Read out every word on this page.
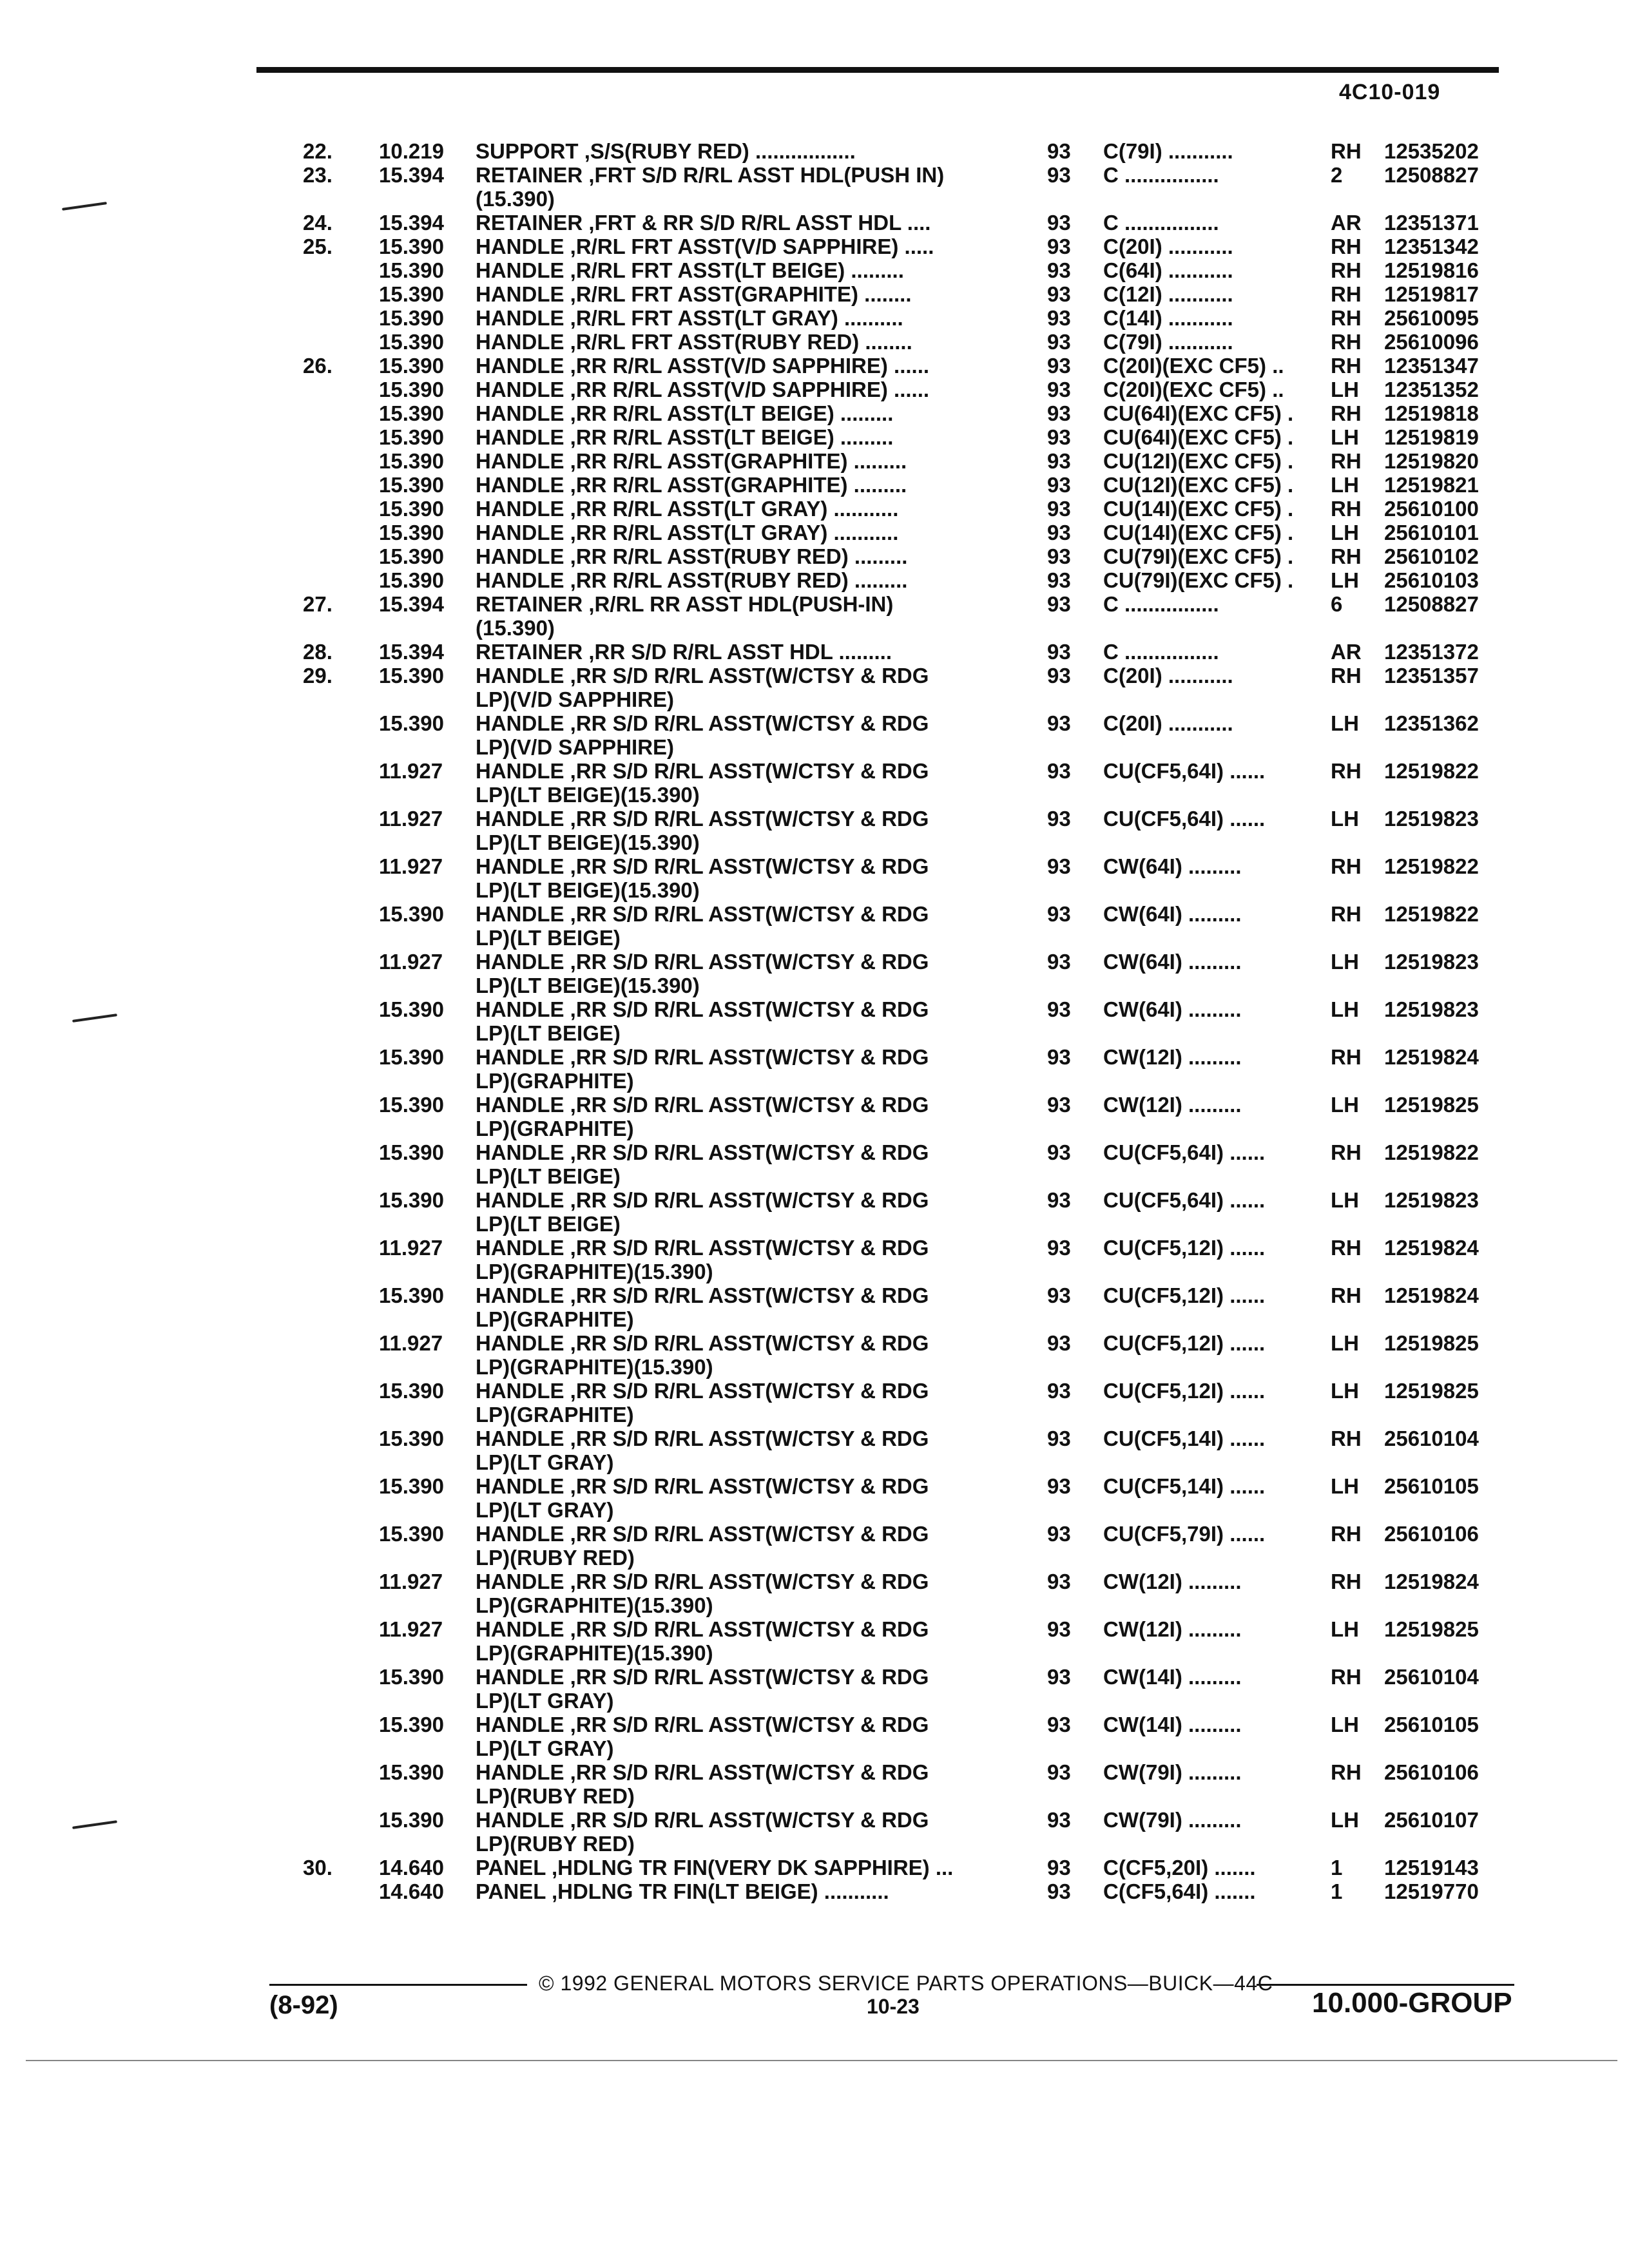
4C10-019
22.	10.219	SUPPORT ,S/S(RUBY RED) .................	93	C(79I) ...........	RH	12535202
23.	15.394	RETAINER ,FRT S/D R/RL ASST HDL(PUSH IN)
(15.390)
93	C ................	2	12508827
24.	15.394	RETAINER ,FRT & RR S/D R/RL ASST HDL ....	93	C ................	AR	12351371
25.	15.390	HANDLE ,R/RL FRT ASST(V/D SAPPHIRE) .....	93	C(20I) ...........	RH	12351342
15.390	HANDLE ,R/RL FRT ASST(LT BEIGE) .........	93	C(64I) ...........	RH	12519816
15.390	HANDLE ,R/RL FRT ASST(GRAPHITE) ........	93	C(12I) ...........	RH	12519817
15.390	HANDLE ,R/RL FRT ASST(LT GRAY) ..........	93	C(14I) ...........	RH	25610095
15.390	HANDLE ,R/RL FRT ASST(RUBY RED) ........	93	C(79I) ...........	RH	25610096
26.	15.390	HANDLE ,RR R/RL ASST(V/D SAPPHIRE) ......	93	C(20I)(EXC CF5) ..	RH	12351347
15.390	HANDLE ,RR R/RL ASST(V/D SAPPHIRE) ......	93	C(20I)(EXC CF5) ..	LH	12351352
15.390	HANDLE ,RR R/RL ASST(LT BEIGE) .........	93	CU(64I)(EXC CF5) .	RH	12519818
15.390	HANDLE ,RR R/RL ASST(LT BEIGE) .........	93	CU(64I)(EXC CF5) .	LH	12519819
15.390	HANDLE ,RR R/RL ASST(GRAPHITE) .........	93	CU(12I)(EXC CF5) .	RH	12519820
15.390	HANDLE ,RR R/RL ASST(GRAPHITE) .........	93	CU(12I)(EXC CF5) .	LH	12519821
15.390	HANDLE ,RR R/RL ASST(LT GRAY) ...........	93	CU(14I)(EXC CF5) .	RH	25610100
15.390	HANDLE ,RR R/RL ASST(LT GRAY) ...........	93	CU(14I)(EXC CF5) .	LH	25610101
15.390	HANDLE ,RR R/RL ASST(RUBY RED) .........	93	CU(79I)(EXC CF5) .	RH	25610102
15.390	HANDLE ,RR R/RL ASST(RUBY RED) .........	93	CU(79I)(EXC CF5) .	LH	25610103
27.	15.394	RETAINER ,R/RL RR ASST HDL(PUSH-IN)
(15.390)
93	C ................	6	12508827
28.	15.394	RETAINER ,RR S/D R/RL ASST HDL .........	93	C ................	AR	12351372
29.	15.390	HANDLE ,RR S/D R/RL ASST(W/CTSY & RDG
LP)(V/D SAPPHIRE)
93	C(20I) ...........	RH	12351357
15.390	HANDLE ,RR S/D R/RL ASST(W/CTSY & RDG
LP)(V/D SAPPHIRE)
93	C(20I) ...........	LH	12351362
11.927	HANDLE ,RR S/D R/RL ASST(W/CTSY & RDG
LP)(LT BEIGE)(15.390)
93	CU(CF5,64I) ......	RH	12519822
11.927	HANDLE ,RR S/D R/RL ASST(W/CTSY & RDG
LP)(LT BEIGE)(15.390)
93	CU(CF5,64I) ......	LH	12519823
11.927	HANDLE ,RR S/D R/RL ASST(W/CTSY & RDG
LP)(LT BEIGE)(15.390)
93	CW(64I) .........	RH	12519822
15.390	HANDLE ,RR S/D R/RL ASST(W/CTSY & RDG
LP)(LT BEIGE)
93	CW(64I) .........	RH	12519822
11.927	HANDLE ,RR S/D R/RL ASST(W/CTSY & RDG
LP)(LT BEIGE)(15.390)
93	CW(64I) .........	LH	12519823
15.390	HANDLE ,RR S/D R/RL ASST(W/CTSY & RDG
LP)(LT BEIGE)
93	CW(64I) .........	LH	12519823
15.390	HANDLE ,RR S/D R/RL ASST(W/CTSY & RDG
LP)(GRAPHITE)
93	CW(12I) .........	RH	12519824
15.390	HANDLE ,RR S/D R/RL ASST(W/CTSY & RDG
LP)(GRAPHITE)
93	CW(12I) .........	LH	12519825
15.390	HANDLE ,RR S/D R/RL ASST(W/CTSY & RDG
LP)(LT BEIGE)
93	CU(CF5,64I) ......	RH	12519822
15.390	HANDLE ,RR S/D R/RL ASST(W/CTSY & RDG
LP)(LT BEIGE)
93	CU(CF5,64I) ......	LH	12519823
11.927	HANDLE ,RR S/D R/RL ASST(W/CTSY & RDG
LP)(GRAPHITE)(15.390)
93	CU(CF5,12I) ......	RH	12519824
15.390	HANDLE ,RR S/D R/RL ASST(W/CTSY & RDG
LP)(GRAPHITE)
93	CU(CF5,12I) ......	RH	12519824
11.927	HANDLE ,RR S/D R/RL ASST(W/CTSY & RDG
LP)(GRAPHITE)(15.390)
93	CU(CF5,12I) ......	LH	12519825
15.390	HANDLE ,RR S/D R/RL ASST(W/CTSY & RDG
LP)(GRAPHITE)
93	CU(CF5,12I) ......	LH	12519825
15.390	HANDLE ,RR S/D R/RL ASST(W/CTSY & RDG
LP)(LT GRAY)
93	CU(CF5,14I) ......	RH	25610104
15.390	HANDLE ,RR S/D R/RL ASST(W/CTSY & RDG
LP)(LT GRAY)
93	CU(CF5,14I) ......	LH	25610105
15.390	HANDLE ,RR S/D R/RL ASST(W/CTSY & RDG
LP)(RUBY RED)
93	CU(CF5,79I) ......	RH	25610106
11.927	HANDLE ,RR S/D R/RL ASST(W/CTSY & RDG
LP)(GRAPHITE)(15.390)
93	CW(12I) .........	RH	12519824
11.927	HANDLE ,RR S/D R/RL ASST(W/CTSY & RDG
LP)(GRAPHITE)(15.390)
93	CW(12I) .........	LH	12519825
15.390	HANDLE ,RR S/D R/RL ASST(W/CTSY & RDG
LP)(LT GRAY)
93	CW(14I) .........	RH	25610104
15.390	HANDLE ,RR S/D R/RL ASST(W/CTSY & RDG
LP)(LT GRAY)
93	CW(14I) .........	LH	25610105
15.390	HANDLE ,RR S/D R/RL ASST(W/CTSY & RDG
LP)(RUBY RED)
93	CW(79I) .........	RH	25610106
15.390	HANDLE ,RR S/D R/RL ASST(W/CTSY & RDG
LP)(RUBY RED)
93	CW(79I) .........	LH	25610107
30.	14.640	PANEL ,HDLNG TR FIN(VERY DK SAPPHIRE) ...	93	C(CF5,20I) .......	1	12519143
14.640	PANEL ,HDLNG TR FIN(LT BEIGE) ...........	93	C(CF5,64I) .......	1	12519770
© 1992 GENERAL MOTORS SERVICE PARTS OPERATIONS—BUICK—44C
10-23
(8-92)	10.000-GROUP
